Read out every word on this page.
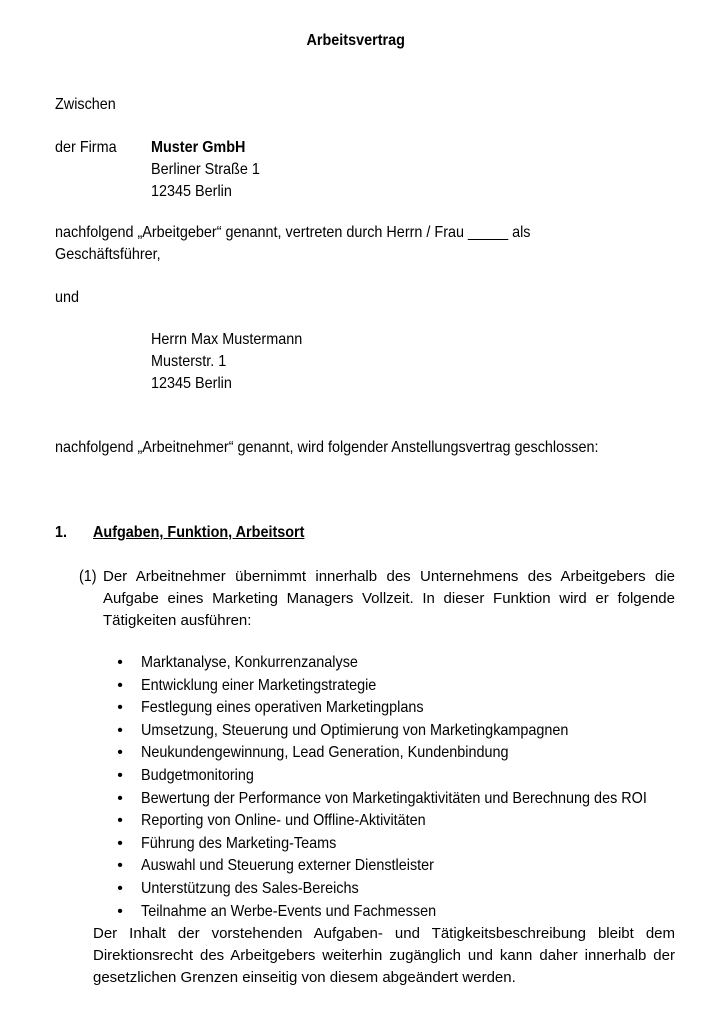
Arbeitsvertrag
Zwischen
der Firma	Muster GmbH
Berliner Straße 1
12345 Berlin
nachfolgend „Arbeitgeber“ genannt, vertreten durch Herrn / Frau _____ als
Geschäftsführer,
und
Herrn Max Mustermann
Musterstr. 1
12345 Berlin
nachfolgend „Arbeitnehmer“ genannt, wird folgender Anstellungsvertrag geschlossen:
1. Aufgaben, Funktion, Arbeitsort
(1) Der Arbeitnehmer übernimmt innerhalb des Unternehmens des Arbeitgebers die Aufgabe eines Marketing Managers Vollzeit. In dieser Funktion wird er folgende Tätigkeiten ausführen:
• Marktanalyse, Konkurrenzanalyse
• Entwicklung einer Marketingstrategie
• Festlegung eines operativen Marketingplans
• Umsetzung, Steuerung und Optimierung von Marketingkampagnen
• Neukundengewinnung, Lead Generation, Kundenbindung
• Budgetmonitoring
• Bewertung der Performance von Marketingaktivitäten und Berechnung des ROI
• Reporting von Online- und Offline-Aktivitäten
• Führung des Marketing-Teams
• Auswahl und Steuerung externer Dienstleister
• Unterstützung des Sales-Bereichs
• Teilnahme an Werbe-Events und Fachmessen
Der Inhalt der vorstehenden Aufgaben- und Tätigkeitsbeschreibung bleibt dem Direktionsrecht des Arbeitgebers weiterhin zugänglich und kann daher innerhalb der gesetzlichen Grenzen einseitig von diesem abgeändert werden.
